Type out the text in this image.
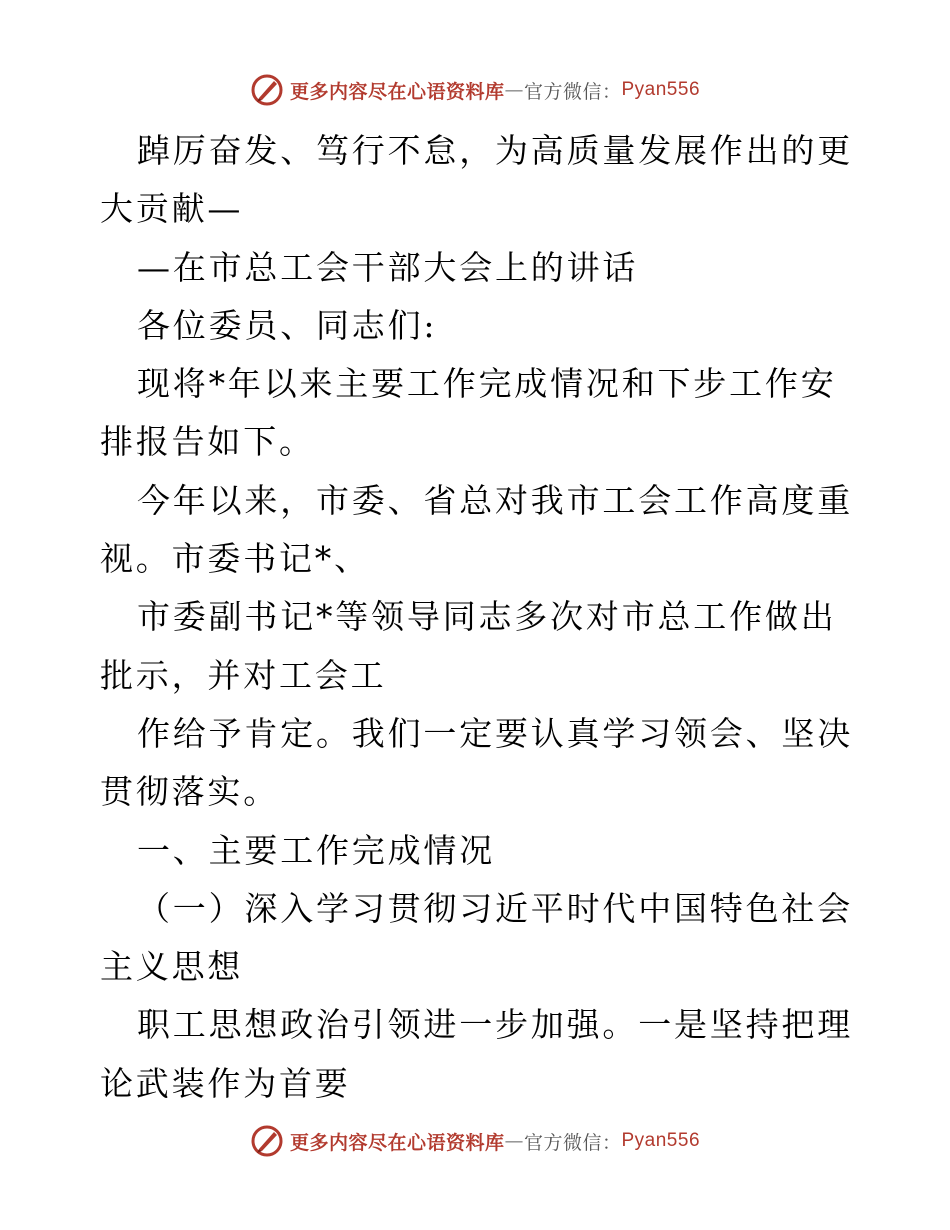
更多内容尽在心语资料库 — 官方微信： Pyan556

踔厉奋发、笃行不怠，为高质量发展作出的更大贡献—

—在市总工会干部大会上的讲话

各位委员、同志们:

现将*年以来主要工作完成情况和下步工作安排报告如下。

今年以来，市委、省总对我市工会工作高度重视。市委书记*、

市委副书记*等领导同志多次对市总工作做出批示，并对工会工

作给予肯定。我们一定要认真学习领会、坚决贯彻落实。

一、主要工作完成情况

（一）深入学习贯彻习近平时代中国特色社会主义思想

职工思想政治引领进一步加强。一是坚持把理论武装作为首要

更多内容尽在心语资料库 — 官方微信： Pyan556
